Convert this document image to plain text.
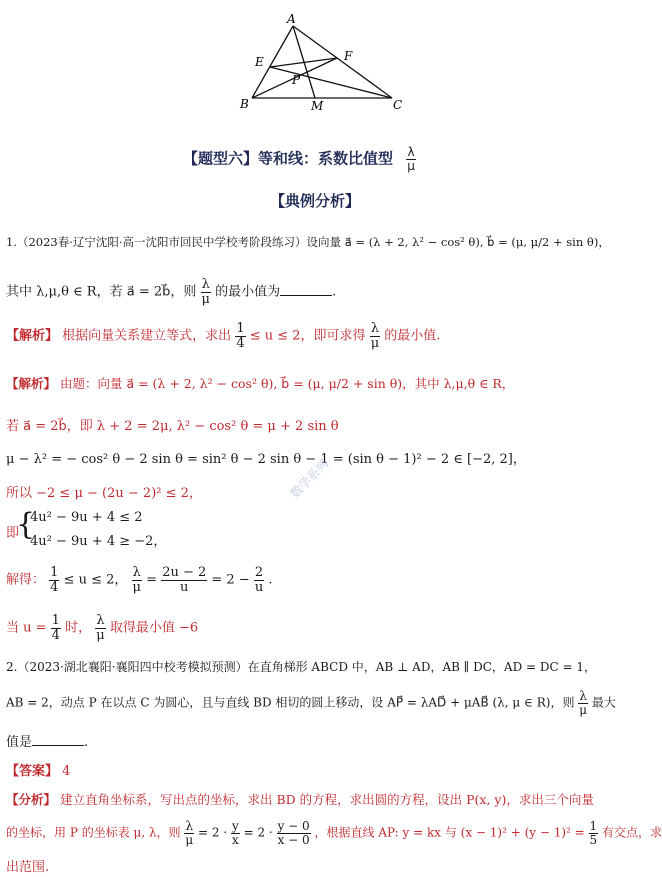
A
E	F
P
B	M	C
【题型六】等和线：系数比值型 $\frac{\lambda}{\mu}$
【典例分析】
1.（2023春·辽宁沈阳·高一沈阳市回民中学校考阶段练习）设向量 a⃗ = (λ + 2, λ² − cos² θ), b⃗ = (μ, μ/2 + sin θ)，
其中 λ,μ,θ ∈ R，若 a⃗ = 2b⃗，则 $\frac{\lambda}{\mu}$ 的最小值为	.
【解析】 根据向量关系建立等式，求出 $\frac{1}{4} \le u \le 2$，即可求得 $\frac{\lambda}{\mu}$ 的最小值.
【解析】 由题：向量 a⃗ = (λ + 2, λ² − cos² θ), b⃗ = (μ, μ/2 + sin θ)，其中 λ,μ,θ ∈ R，
若 a⃗ = 2b⃗，即 λ + 2 = 2μ, λ² − cos² θ = μ + 2 sin θ
μ − λ² = − cos² θ − 2 sin θ = sin² θ − 2 sin θ − 1 = (sin θ − 1)² − 2 ∈ [−2, 2]，
数学系列
所以 −2 ≤ μ − (2u − 2)² ≤ 2，
即
{
4u² − 9u + 4 ≤ 2
4u² − 9u + 4 ≥ −2，
解得： $\frac{1}{4} \le u \le 2$， $\frac{\lambda}{\mu} = \frac{2u - 2}{u} = 2 - \frac{2}{u}$ .
当 $u = \frac{1}{4}$ 时， $\frac{\lambda}{\mu}$ 取得最小值 −6
2.（2023·湖北襄阳·襄阳四中校考模拟预测）在直角梯形 ABCD 中，AB ⊥ AD，AB ∥ DC，AD = DC = 1，
AB = 2，动点 P 在以点 C 为圆心，且与直线 BD 相切的圆上移动，设 AP⃗ = λAD⃗ + μAB⃗ (λ, μ ∈ R)，则 $\frac{\lambda}{\mu}$ 最大
值是	.
【答案】 4
【分析】 建立直角坐标系，写出点的坐标，求出 BD 的方程，求出圆的方程，设出 P(x, y)，求出三个向量
的坐标，用 P 的坐标表 μ, λ，则 $\frac{\lambda}{\mu} = 2 \cdot \frac{y}{x} = 2 \cdot \frac{y - 0}{x - 0}$ ，根据直线 AP: y = kx 与 $(x - 1)^2 + (y - 1)^2 = \frac{1}{5}$ 有交点，求
出范围.
